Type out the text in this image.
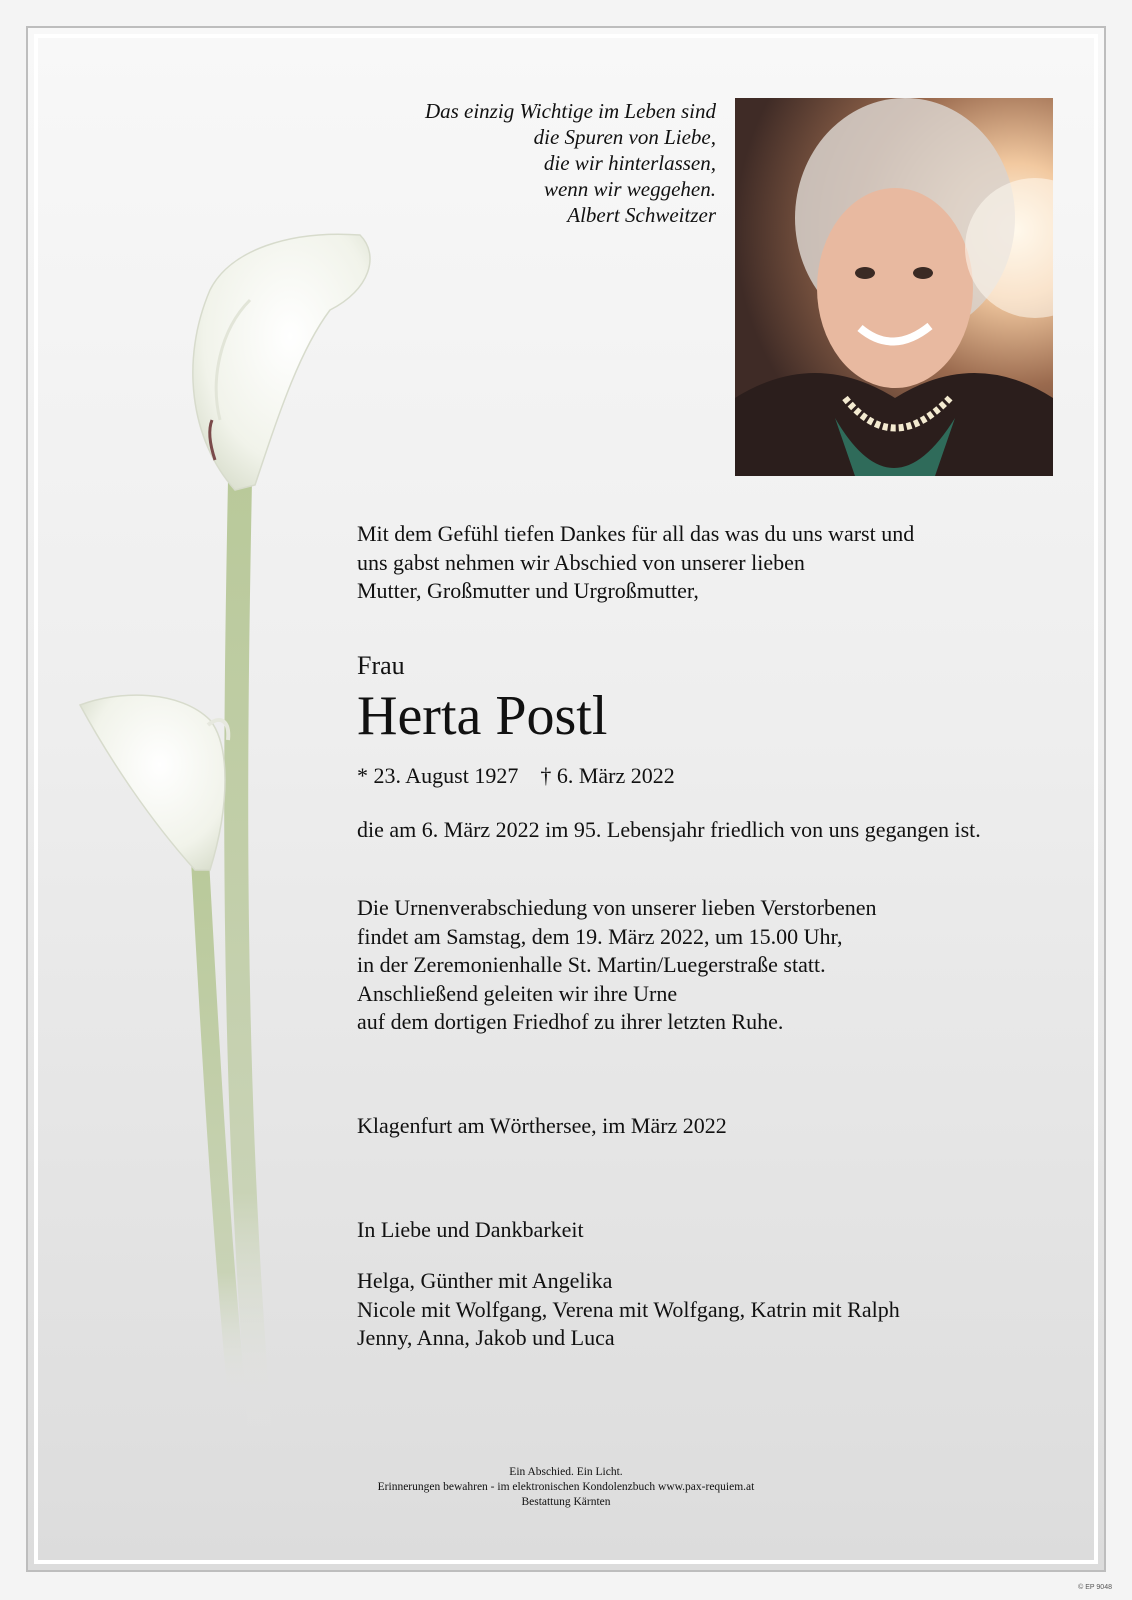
Das einzig Wichtige im Leben sind
die Spuren von Liebe,
die wir hinterlassen,
wenn wir weggehen.
Albert Schweitzer
Mit dem Gefühl tiefen Dankes für all das was du uns warst und
uns gabst nehmen wir Abschied von unserer lieben
Mutter, Großmutter und Urgroßmutter,
Frau
Herta Postl
* 23. August 1927 † 6. März 2022
die am 6. März 2022 im 95. Lebensjahr friedlich von uns gegangen ist.
Die Urnenverabschiedung von unserer lieben Verstorbenen
findet am Samstag, dem 19. März 2022, um 15.00 Uhr,
in der Zeremonienhalle St. Martin/Luegerstraße statt.
Anschließend geleiten wir ihre Urne
auf dem dortigen Friedhof zu ihrer letzten Ruhe.
Klagenfurt am Wörthersee, im März 2022
In Liebe und Dankbarkeit
Helga, Günther mit Angelika
Nicole mit Wolfgang, Verena mit Wolfgang, Katrin mit Ralph
Jenny, Anna, Jakob und Luca
Ein Abschied. Ein Licht.
Erinnerungen bewahren - im elektronischen Kondolenzbuch www.pax-requiem.at
Bestattung Kärnten
© EP 9048
